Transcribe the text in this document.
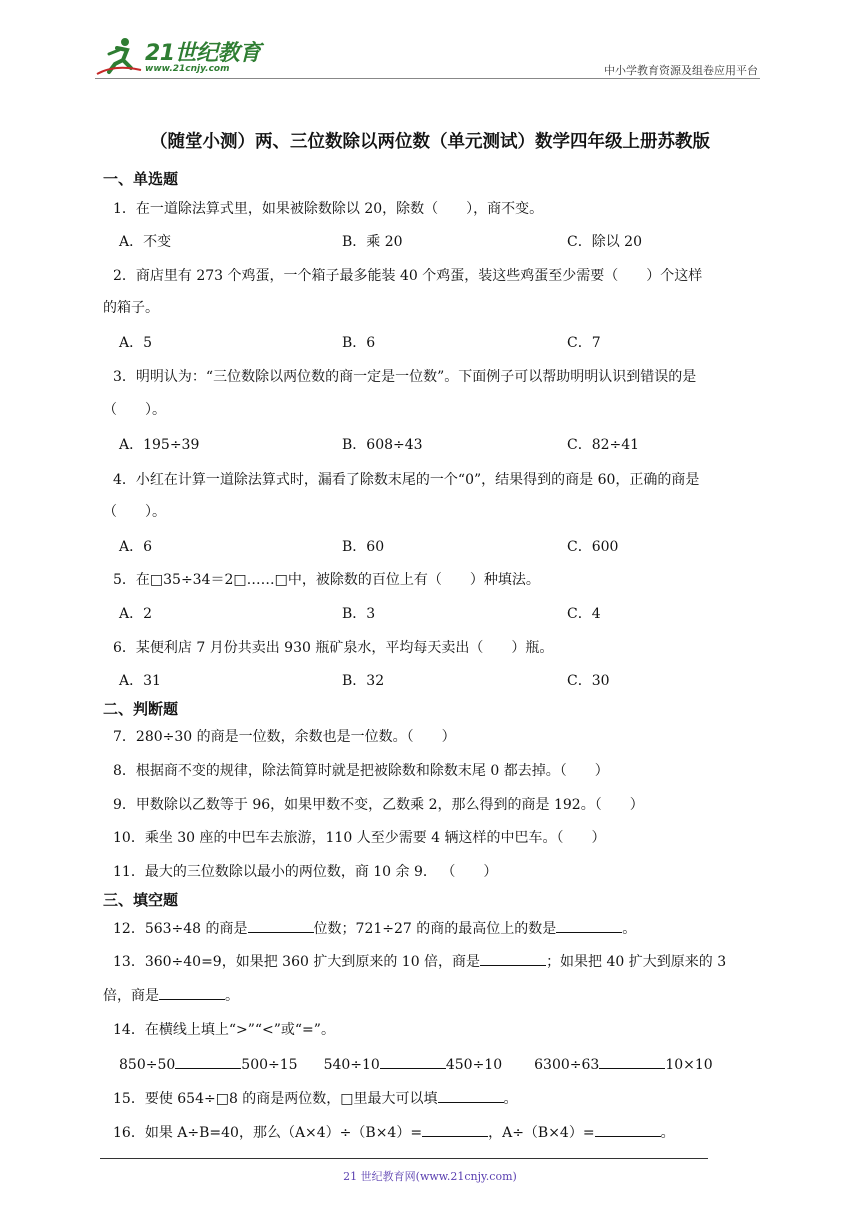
21世纪教育
www.21cnjy.com	中小学教育资源及组卷应用平台
（随堂小测）两、三位数除以两位数（单元测试）数学四年级上册苏教版
一、单选题
1．在一道除法算式里，如果被除数除以 20，除数（　　），商不变。
A．不变	B．乘 20	C．除以 20
2．商店里有 273 个鸡蛋，一个箱子最多能装 40 个鸡蛋，装这些鸡蛋至少需要（　　）个这样
的箱子。
A．5	B．6	C．7
3．明明认为：“三位数除以两位数的商一定是一位数”。下面例子可以帮助明明认识到错误的是
（　　）。
A．195÷39	B．608÷43	C．82÷41
4．小红在计算一道除法算式时，漏看了除数末尾的一个“0”，结果得到的商是 60，正确的商是
（　　）。
A．6	B．60	C．600
5．在□35÷34＝2□……□中，被除数的百位上有（　　）种填法。
A．2	B．3	C．4
6．某便利店 7 月份共卖出 930 瓶矿泉水，平均每天卖出（　　）瓶。
A．31	B．32	C．30
二、判断题
7．280÷30 的商是一位数，余数也是一位数。（　　）
8．根据商不变的规律，除法简算时就是把被除数和除数末尾 0 都去掉。（　　）
9．甲数除以乙数等于 96，如果甲数不变，乙数乘 2，那么得到的商是 192。（　　）
10．乘坐 30 座的中巴车去旅游，110 人至少需要 4 辆这样的中巴车。（　　）
11．最大的三位数除以最小的两位数，商 10 余 9． （　　）
三、填空题
12．563÷48 的商是	位数；721÷27 的商的最高位上的数是	。
13．360÷40=9，如果把 360 扩大到原来的 10 倍，商是	；如果把 40 扩大到原来的 3
倍，商是	。
14．在横线上填上“>”“<”或“=”。
850÷50	500÷15 540÷10	450÷10 6300÷63	10×10
15．要使 654÷□8 的商是两位数，□里最大可以填	。
16．如果 A÷B=40，那么（A×4）÷（B×4）=	，A÷（B×4）=	。
21 世纪教育网(www.21cnjy.com)
